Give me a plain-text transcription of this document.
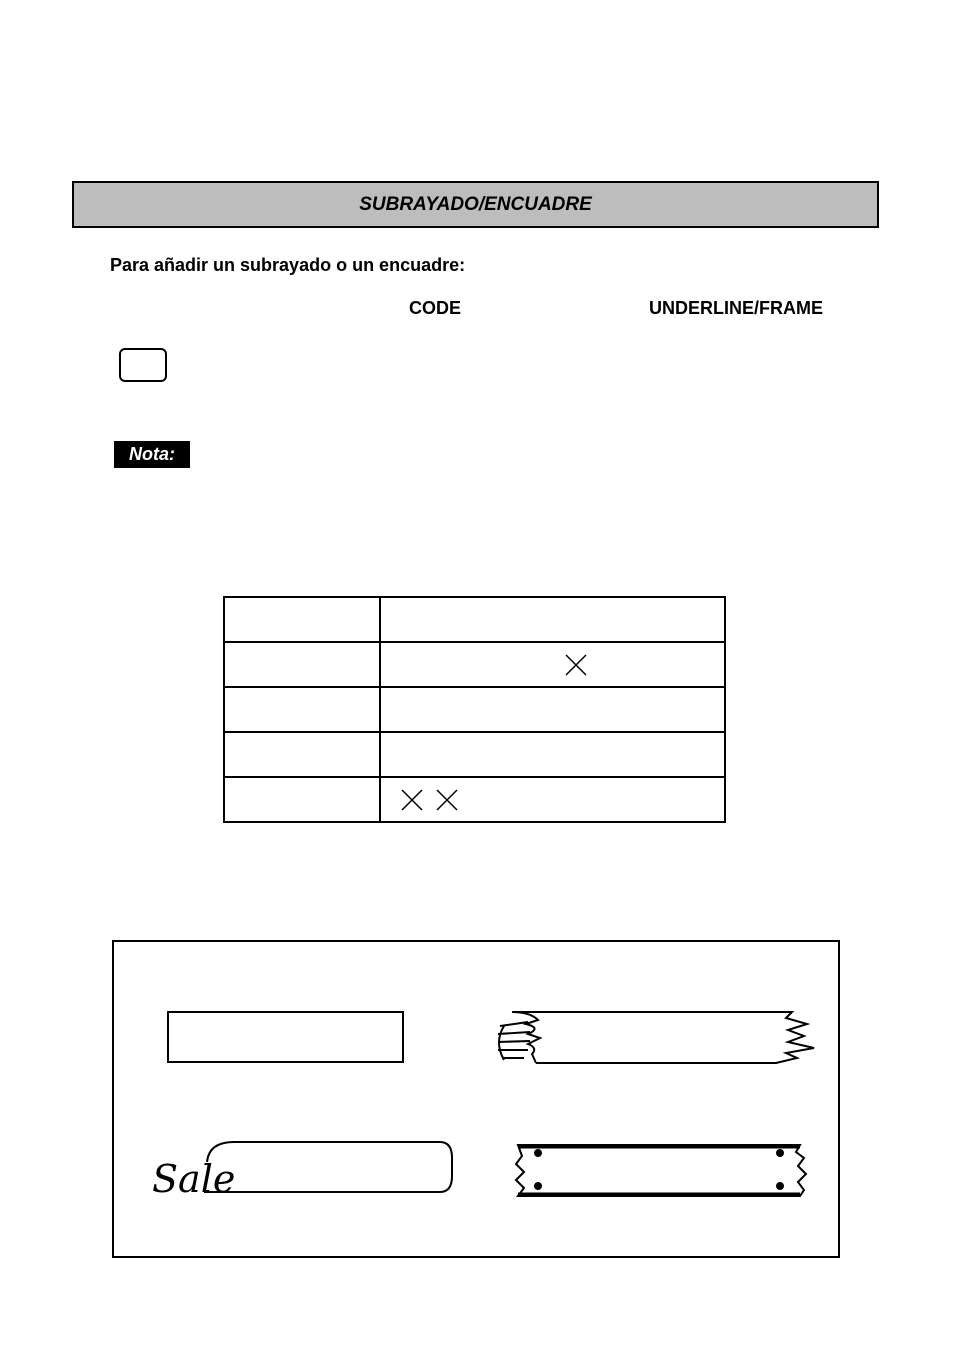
SUBRAYADO/ENCUADRE
Para añadir un subrayado o un encuadre:
CODE	UNDERLINE/FRAME
Nota:

Sale
